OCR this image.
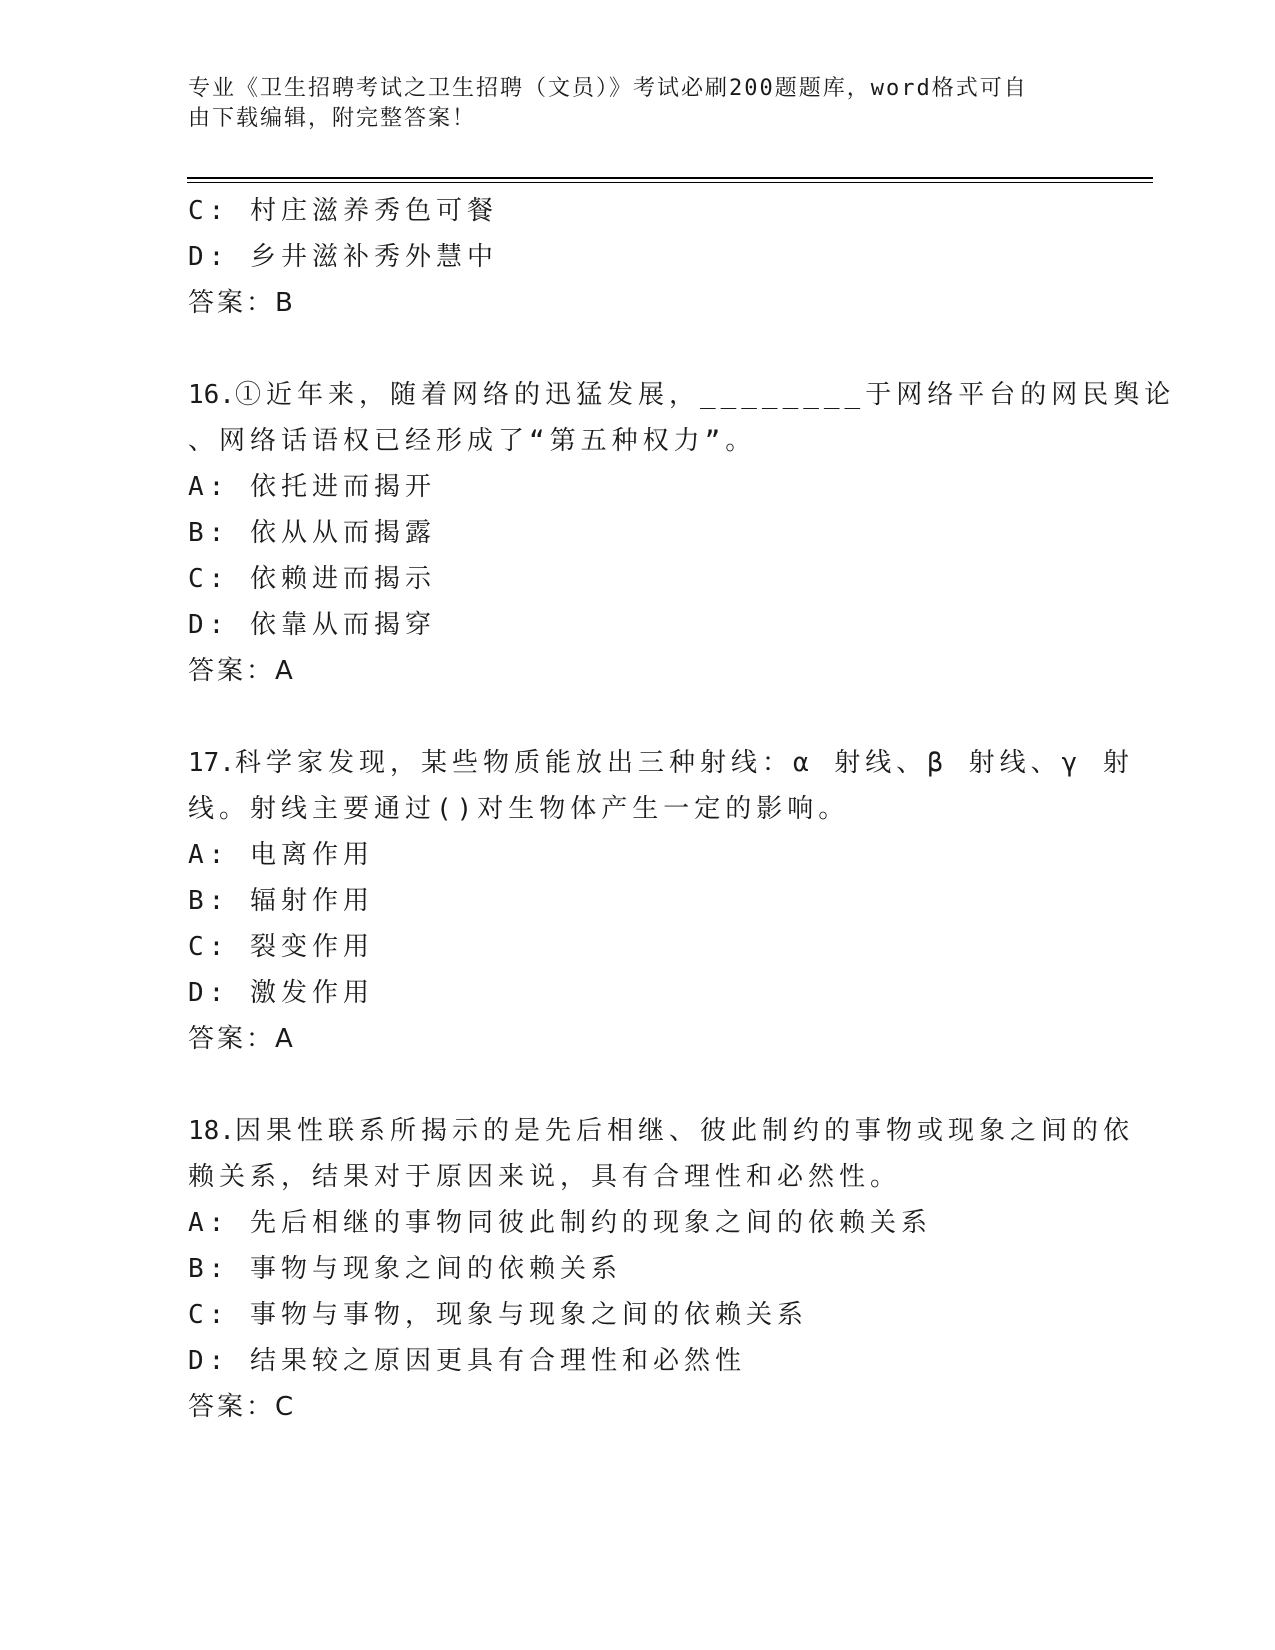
专业《卫生招聘考试之卫生招聘（文员）》考试必刷200题题库，word格式可自
由下载编辑，附完整答案！
C: 村庄滋养秀色可餐
D: 乡井滋补秀外慧中
答案：B
16.①近年来，随着网络的迅猛发展，________于网络平台的网民舆论
、网络话语权已经形成了“第五种权力”。
A: 依托进而揭开
B: 依从从而揭露
C: 依赖进而揭示
D: 依靠从而揭穿
答案：A
17.科学家发现，某些物质能放出三种射线：α 射线、β 射线、γ 射
线。射线主要通过()对生物体产生一定的影响。
A: 电离作用
B: 辐射作用
C: 裂变作用
D: 激发作用
答案：A
18.因果性联系所揭示的是先后相继、彼此制约的事物或现象之间的依
赖关系，结果对于原因来说，具有合理性和必然性。
A: 先后相继的事物同彼此制约的现象之间的依赖关系
B: 事物与现象之间的依赖关系
C: 事物与事物，现象与现象之间的依赖关系
D: 结果较之原因更具有合理性和必然性
答案：C
